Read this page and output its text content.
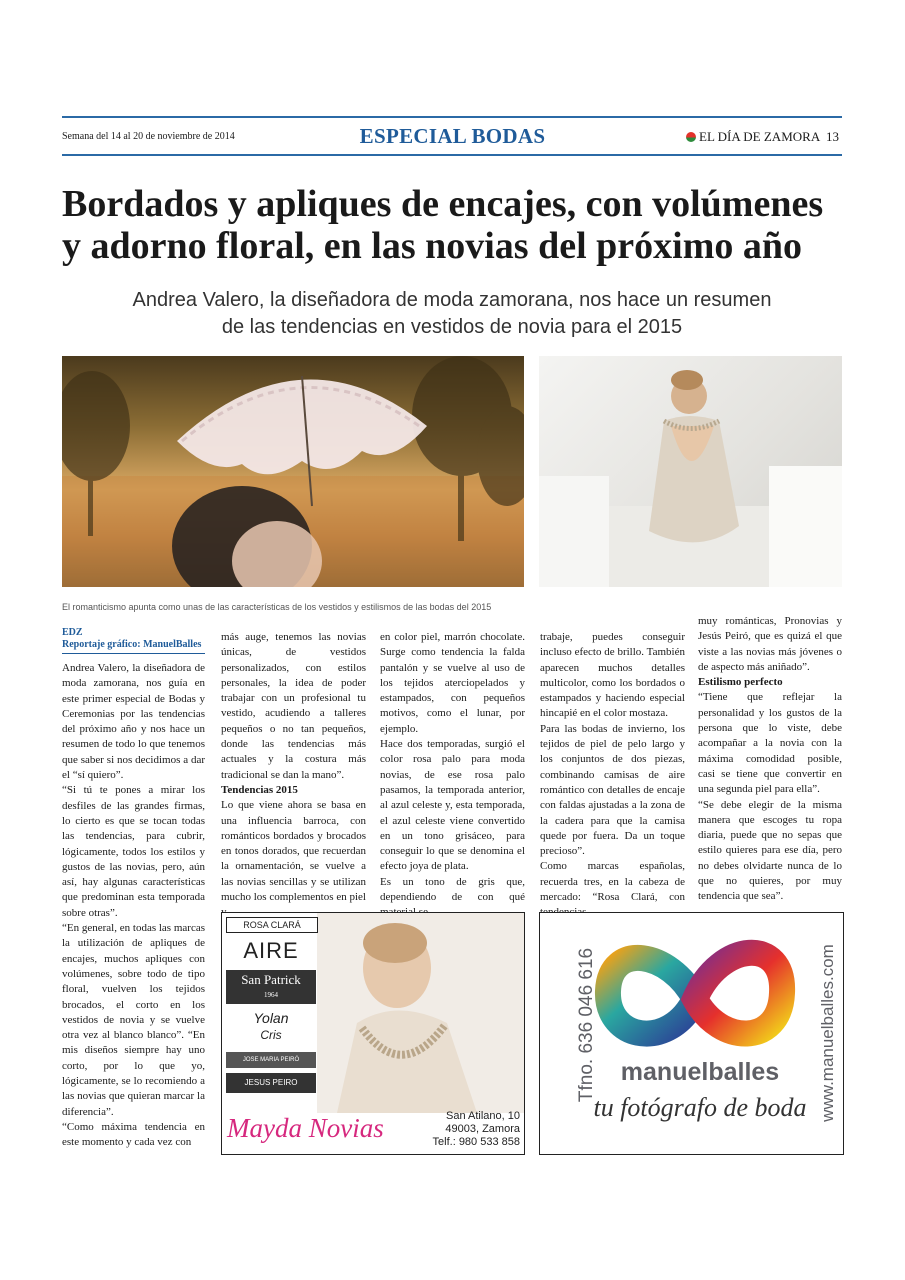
Semana del 14 al 20 de noviembre de 2014	ESPECIAL BODAS	EL DÍA DE ZAMORA 13
Bordados y apliques de encajes, con volúmenes
y adorno floral, en las novias del próximo año
Andrea Valero, la diseñadora de moda zamorana, nos hace un resumen
de las tendencias en vestidos de novia para el 2015
El romanticismo apunta como unas de las características de los vestidos y estilismos de las bodas del 2015
EDZ
Reportaje gráfico: ManuelBalles

Andrea Valero, la diseñadora de moda zamorana, nos guía en este primer especial de Bodas y Ceremonias por las tendencias del próximo año y nos hace un resumen de todo lo que tenemos que saber si nos decidimos a dar el “sí quiero”.

“Si tú te pones a mirar los desfiles de las grandes firmas, lo cierto es que se tocan todas las tendencias, para cubrir, lógicamente, todos los estilos y gustos de las novias, pero, aún así, hay algunas características que predominan esta temporada sobre otras”.

“En general, en todas las marcas la utilización de apliques de encajes, muchos apliques con volúmenes, sobre todo de tipo floral, vuelven los tejidos brocados, el corto en los vestidos de novia y se vuelve otra vez al blanco blanco”. “En mis diseños siempre hay uno corto, por lo que yo, lógicamente, se lo recomiendo a las novias que quieran marcar la diferencia”.

“Como máxima tendencia en este momento y cada vez con

más auge, tenemos las novias únicas, de vestidos personalizados, con estilos personales, la idea de poder trabajar con un profesional tu vestido, acudiendo a talleres pequeños o no tan pequeños, donde las tendencias más actuales y la costura más tradicional se dan la mano”.

Tendencias 2015

Lo que viene ahora se basa en una influencia barroca, con románticos bordados y brocados en tonos dorados, que recuerdan la ornamentación, se vuelve a las novias sencillas y se utilizan mucho los complementos en piel

en color piel, marrón chocolate. Surge como tendencia la falda pantalón y se vuelve al uso de los tejidos aterciopelados y estampados, con pequeños motivos, como el lunar, por ejemplo.

Hace dos temporadas, surgió el color rosa palo para moda novias, de ese rosa palo pasamos, la temporada anterior, al azul celeste y, esta temporada, el azul celeste viene convertido en un tono grisáceo, para conseguir lo que se denomina el efecto joya de plata.

Es un tono de gris que, dependiendo de con qué

trabaje, puedes conseguir incluso efecto de brillo. También aparecen muchos detalles multicolor, como los bordados o estampados y haciendo especial hincapié en el color mostaza.

Para las bodas de invierno, los tejidos de piel de pelo largo y los conjuntos de dos piezas, combinando camisas de aire romántico con detalles de encaje con faldas ajustadas a la zona de la cadera para que la camisa quede por fuera. Da un toque precioso”.

Como marcas españolas, recuerda tres, en la cabeza de mercado: “Rosa Clará, con

muy románticas, Pronovias y Jesús Peiró, que es quizá el que viste a las novias más jóvenes o de aspecto más aniñado”.

Estilismo perfecto

“Tiene que reflejar la personalidad y los gustos de la persona que lo viste, debe acompañar a la novia con la máxima comodidad posible, casi se tiene que convertir en una segunda piel para ella”.

“Se debe elegir de la misma manera que escoges tu ropa diaria, puede que no sepas que estilo quieres para ese día, pero no debes olvidarte nunca de lo que no quieres, por muy tendencia que sea”.

ROSA CLARÁ
AIRE
San Patrick
1964
Yolan
Cris
JOSE MARIA PEIRÓ
JESUS PEIRO
Mayda Novias	San Atilano, 10
49003, Zamora
Telf.: 980 533 858
Tfno. 636 046 616 manuelballes
tu fotógrafo de boda www.manuelballes.com
